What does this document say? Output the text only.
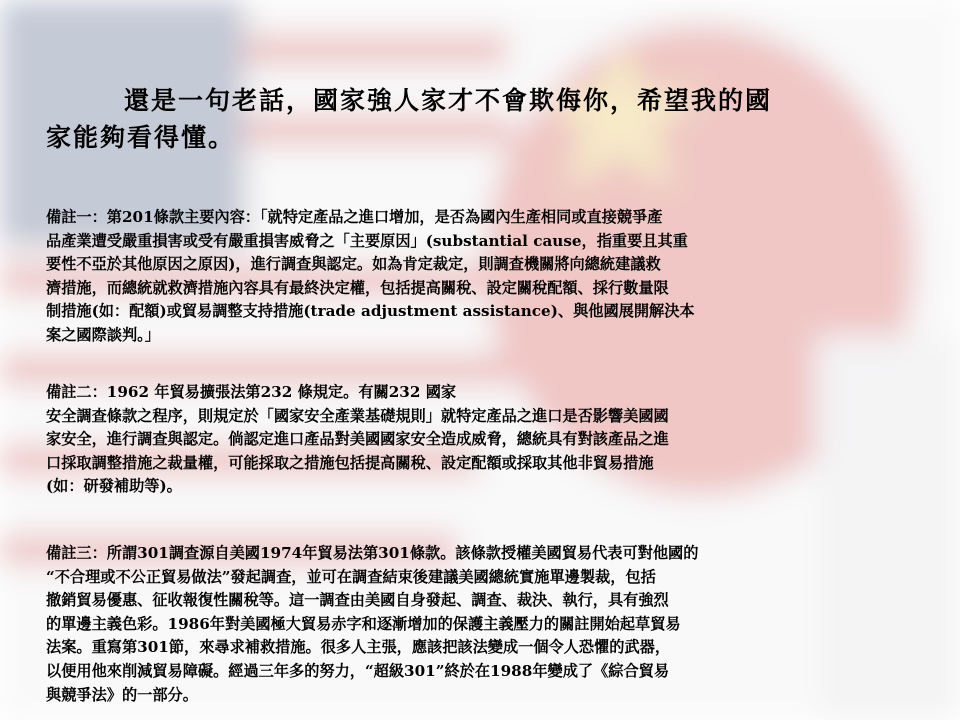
還是一句老話，國家強人家才不會欺侮你，希望我的國
家能夠看得懂。
備註一：第201條款主要內容：「就特定產品之進口增加，是否為國內生產相同或直接競爭產
品產業遭受嚴重損害或受有嚴重損害威脅之「主要原因」(substantial cause，指重要且其重
要性不亞於其他原因之原因)，進行調查與認定。如為肯定裁定，則調查機關將向總統建議救
濟措施，而總統就救濟措施內容具有最終決定權，包括提高關稅、設定關稅配額、採行數量限
制措施(如：配額)或貿易調整支持措施(trade adjustment assistance)、與他國展開解決本
案之國際談判。」
備註二：1962 年貿易擴張法第232 條規定。有關232 國家
安全調查條款之程序，則規定於「國家安全產業基礎規則」就特定產品之進口是否影響美國國
家安全，進行調查與認定。倘認定進口產品對美國國家安全造成威脅，總統具有對該產品之進
口採取調整措施之裁量權，可能採取之措施包括提高關稅、設定配額或採取其他非貿易措施
(如：研發補助等)。
備註三：所謂301調查源自美國1974年貿易法第301條款。該條款授權美國貿易代表可對他國的
“不合理或不公正貿易做法”發起調查，並可在調查結束後建議美國總統實施單邊製裁，包括
撤銷貿易優惠、征收報復性關稅等。這一調查由美國自身發起、調查、裁決、執行，具有強烈
的單邊主義色彩。1986年對美國極大貿易赤字和逐漸增加的保護主義壓力的關註開始起草貿易
法案。重寫第301節，來尋求補救措施。很多人主張，應該把該法變成一個令人恐懼的武器，
以便用他來削減貿易障礙。經過三年多的努力，“超級301”終於在1988年變成了《綜合貿易
與競爭法》的一部分。
